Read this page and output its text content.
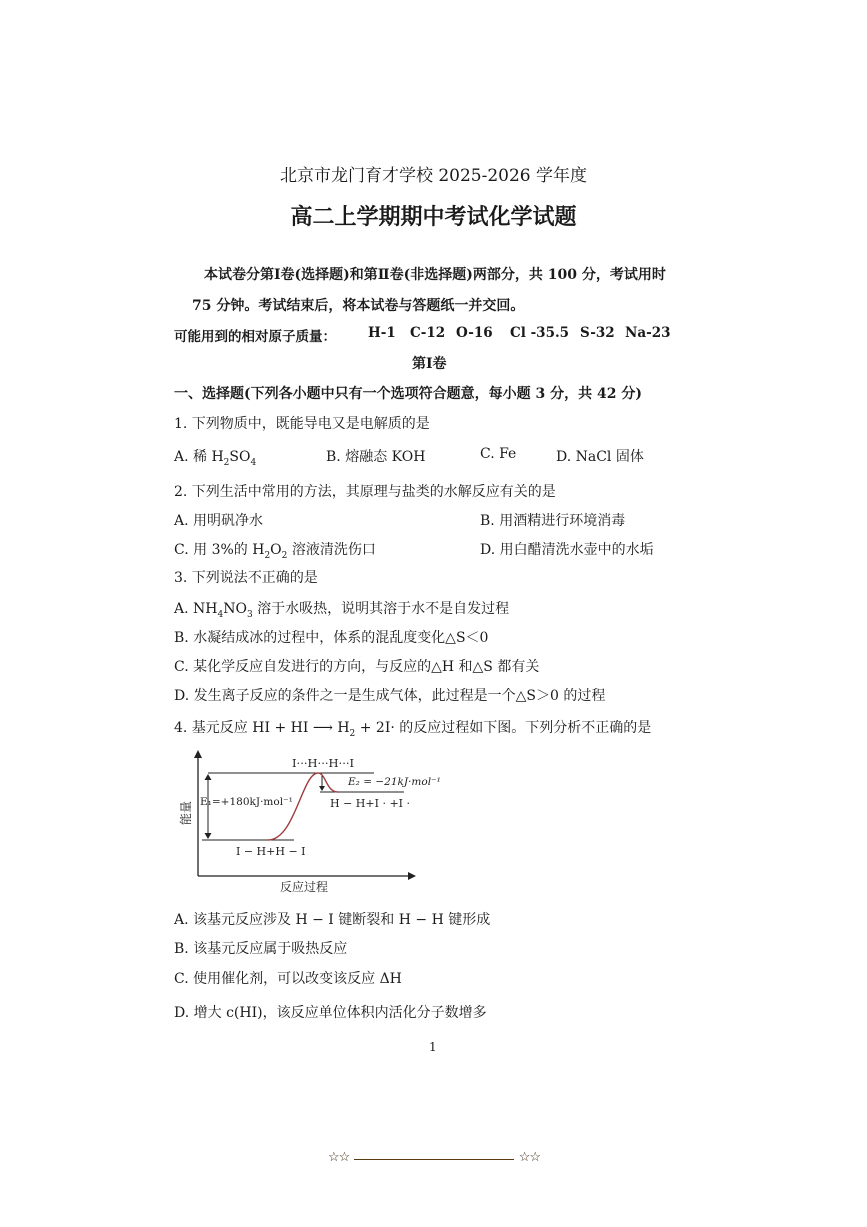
北京市龙门育才学校 2025-2026 学年度
高二上学期期中考试化学试题
本试卷分第Ⅰ卷(选择题)和第Ⅱ卷(非选择题)两部分，共 100 分，考试用时
75 分钟。考试结束后，将本试卷与答题纸一并交回。
可能用到的相对原子质量： H-1 C-12 O-16 Cl -35.5 S-32 Na-23
第Ⅰ卷
一、选择题(下列各小题中只有一个选项符合题意，每小题 3 分，共 42 分)
1. 下列物质中，既能导电又是电解质的是
A. 稀 $H_2SO_4$	B. 熔融态 KOH	C. Fe	D. NaCl 固体
2. 下列生活中常用的方法，其原理与盐类的水解反应有关的是
A. 用明矾净水	B. 用酒精进行环境消毒
C. 用 3%的 $H_2O_2$ 溶液清洗伤口	D. 用白醋清洗水壶中的水垢
3. 下列说法不正确的是
A. $NH_4NO_3$ 溶于水吸热，说明其溶于水不是自发过程
B. 水凝结成冰的过程中，体系的混乱度变化△S＜0
C. 某化学反应自发进行的方向，与反应的△H 和△S 都有关
D. 发生离子反应的条件之一是生成气体，此过程是一个△S＞0 的过程
4. 基元反应 HI + HI ⟶ $H_2 + 2I\cdot$ 的反应过程如下图。下列分析不正确的是
I···H···H···I
E₂ = −21kJ·mol⁻¹
E₁=+180kJ·mol⁻¹	H − H+I · +I ·
I − H+H − I
反应过程
能量
A. 该基元反应涉及 H − I 键断裂和 H − H 键形成
B. 该基元反应属于吸热反应
C. 使用催化剂，可以改变该反应 ΔH
D. 增大 c(HI)，该反应单位体积内活化分子数增多
1
☆☆	☆☆
